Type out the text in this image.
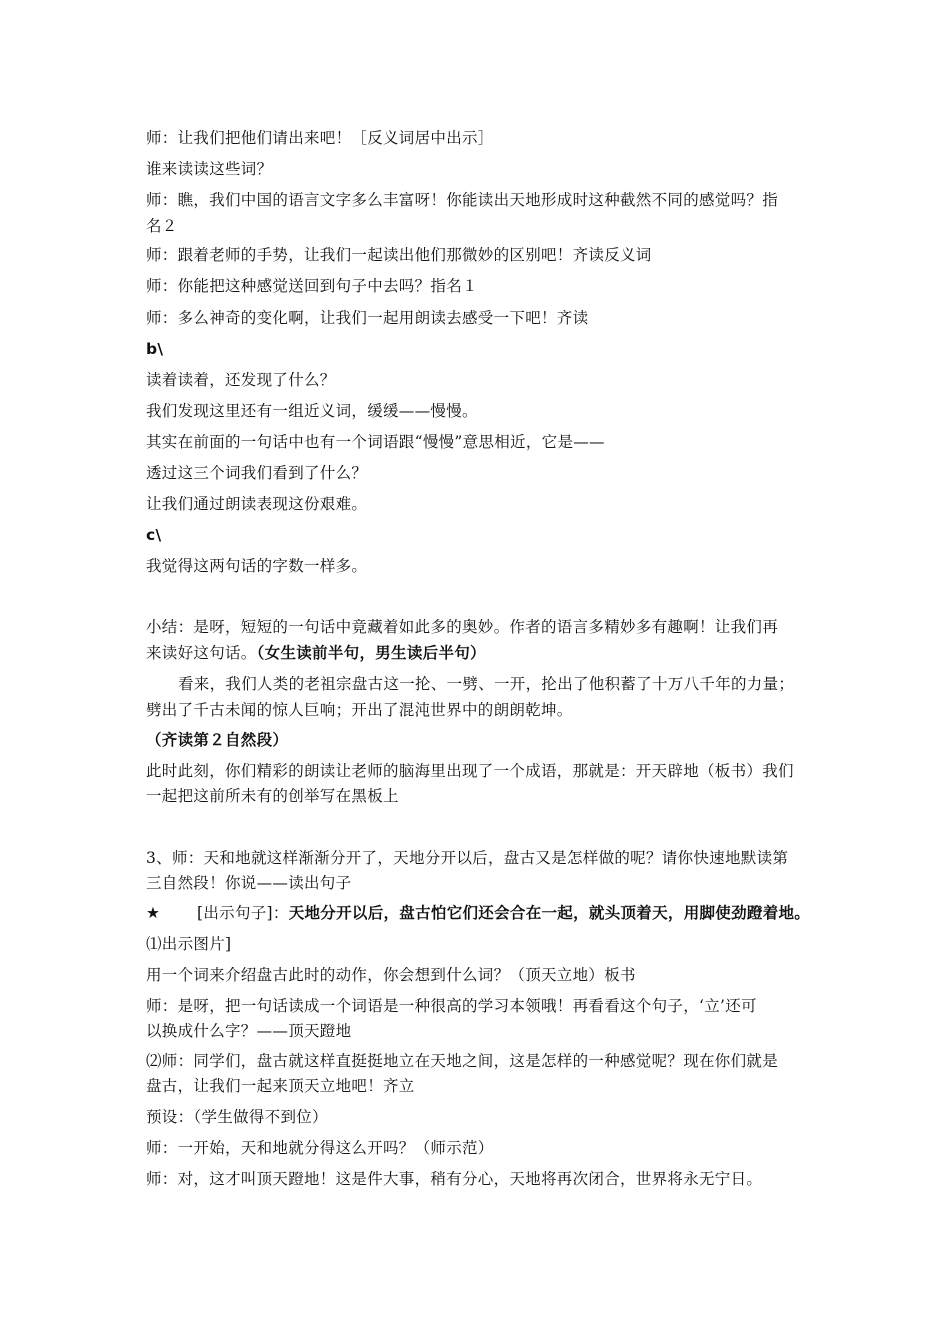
师：让我们把他们请出来吧！［反义词居中出示］
谁来读读这些词？
师：瞧，我们中国的语言文字多么丰富呀！你能读出天地形成时这种截然不同的感觉吗？指
名２
师：跟着老师的手势，让我们一起读出他们那微妙的区别吧！齐读反义词
师：你能把这种感觉送回到句子中去吗？指名１
师：多么神奇的变化啊，让我们一起用朗读去感受一下吧！齐读
b\
读着读着，还发现了什么？
我们发现这里还有一组近义词，缓缓——慢慢。
其实在前面的一句话中也有一个词语跟“慢慢”意思相近，它是——
透过这三个词我们看到了什么？
让我们通过朗读表现这份艰难。
c\
我觉得这两句话的字数一样多。
小结：是呀，短短的一句话中竟藏着如此多的奥妙。作者的语言多精妙多有趣啊！让我们再
来读好这句话。（女生读前半句，男生读后半句）
看来，我们人类的老祖宗盘古这一抡、一劈、一开，抡出了他积蓄了十万八千年的力量；
劈出了千古未闻的惊人巨响；开出了混沌世界中的朗朗乾坤。
（齐读第２自然段）
此时此刻，你们精彩的朗读让老师的脑海里出现了一个成语，那就是：开天辟地（板书）我们
一起把这前所未有的创举写在黑板上
3、师：天和地就这样渐渐分开了，天地分开以后，盘古又是怎样做的呢？请你快速地默读第
三自然段！你说——读出句子
★ [出示句子]：天地分开以后，盘古怕它们还会合在一起，就头顶着天，用脚使劲蹬着地。
⑴出示图片]
用一个词来介绍盘古此时的动作，你会想到什么词？（顶天立地）板书
师：是呀，把一句话读成一个词语是一种很高的学习本领哦！再看看这个句子，‘立’还可
以换成什么字？——顶天蹬地
⑵师：同学们，盘古就这样直挺挺地立在天地之间，这是怎样的一种感觉呢？现在你们就是
盘古，让我们一起来顶天立地吧！齐立
预设：（学生做得不到位）
师：一开始，天和地就分得这么开吗？（师示范）
师：对，这才叫顶天蹬地！这是件大事，稍有分心，天地将再次闭合，世界将永无宁日。
